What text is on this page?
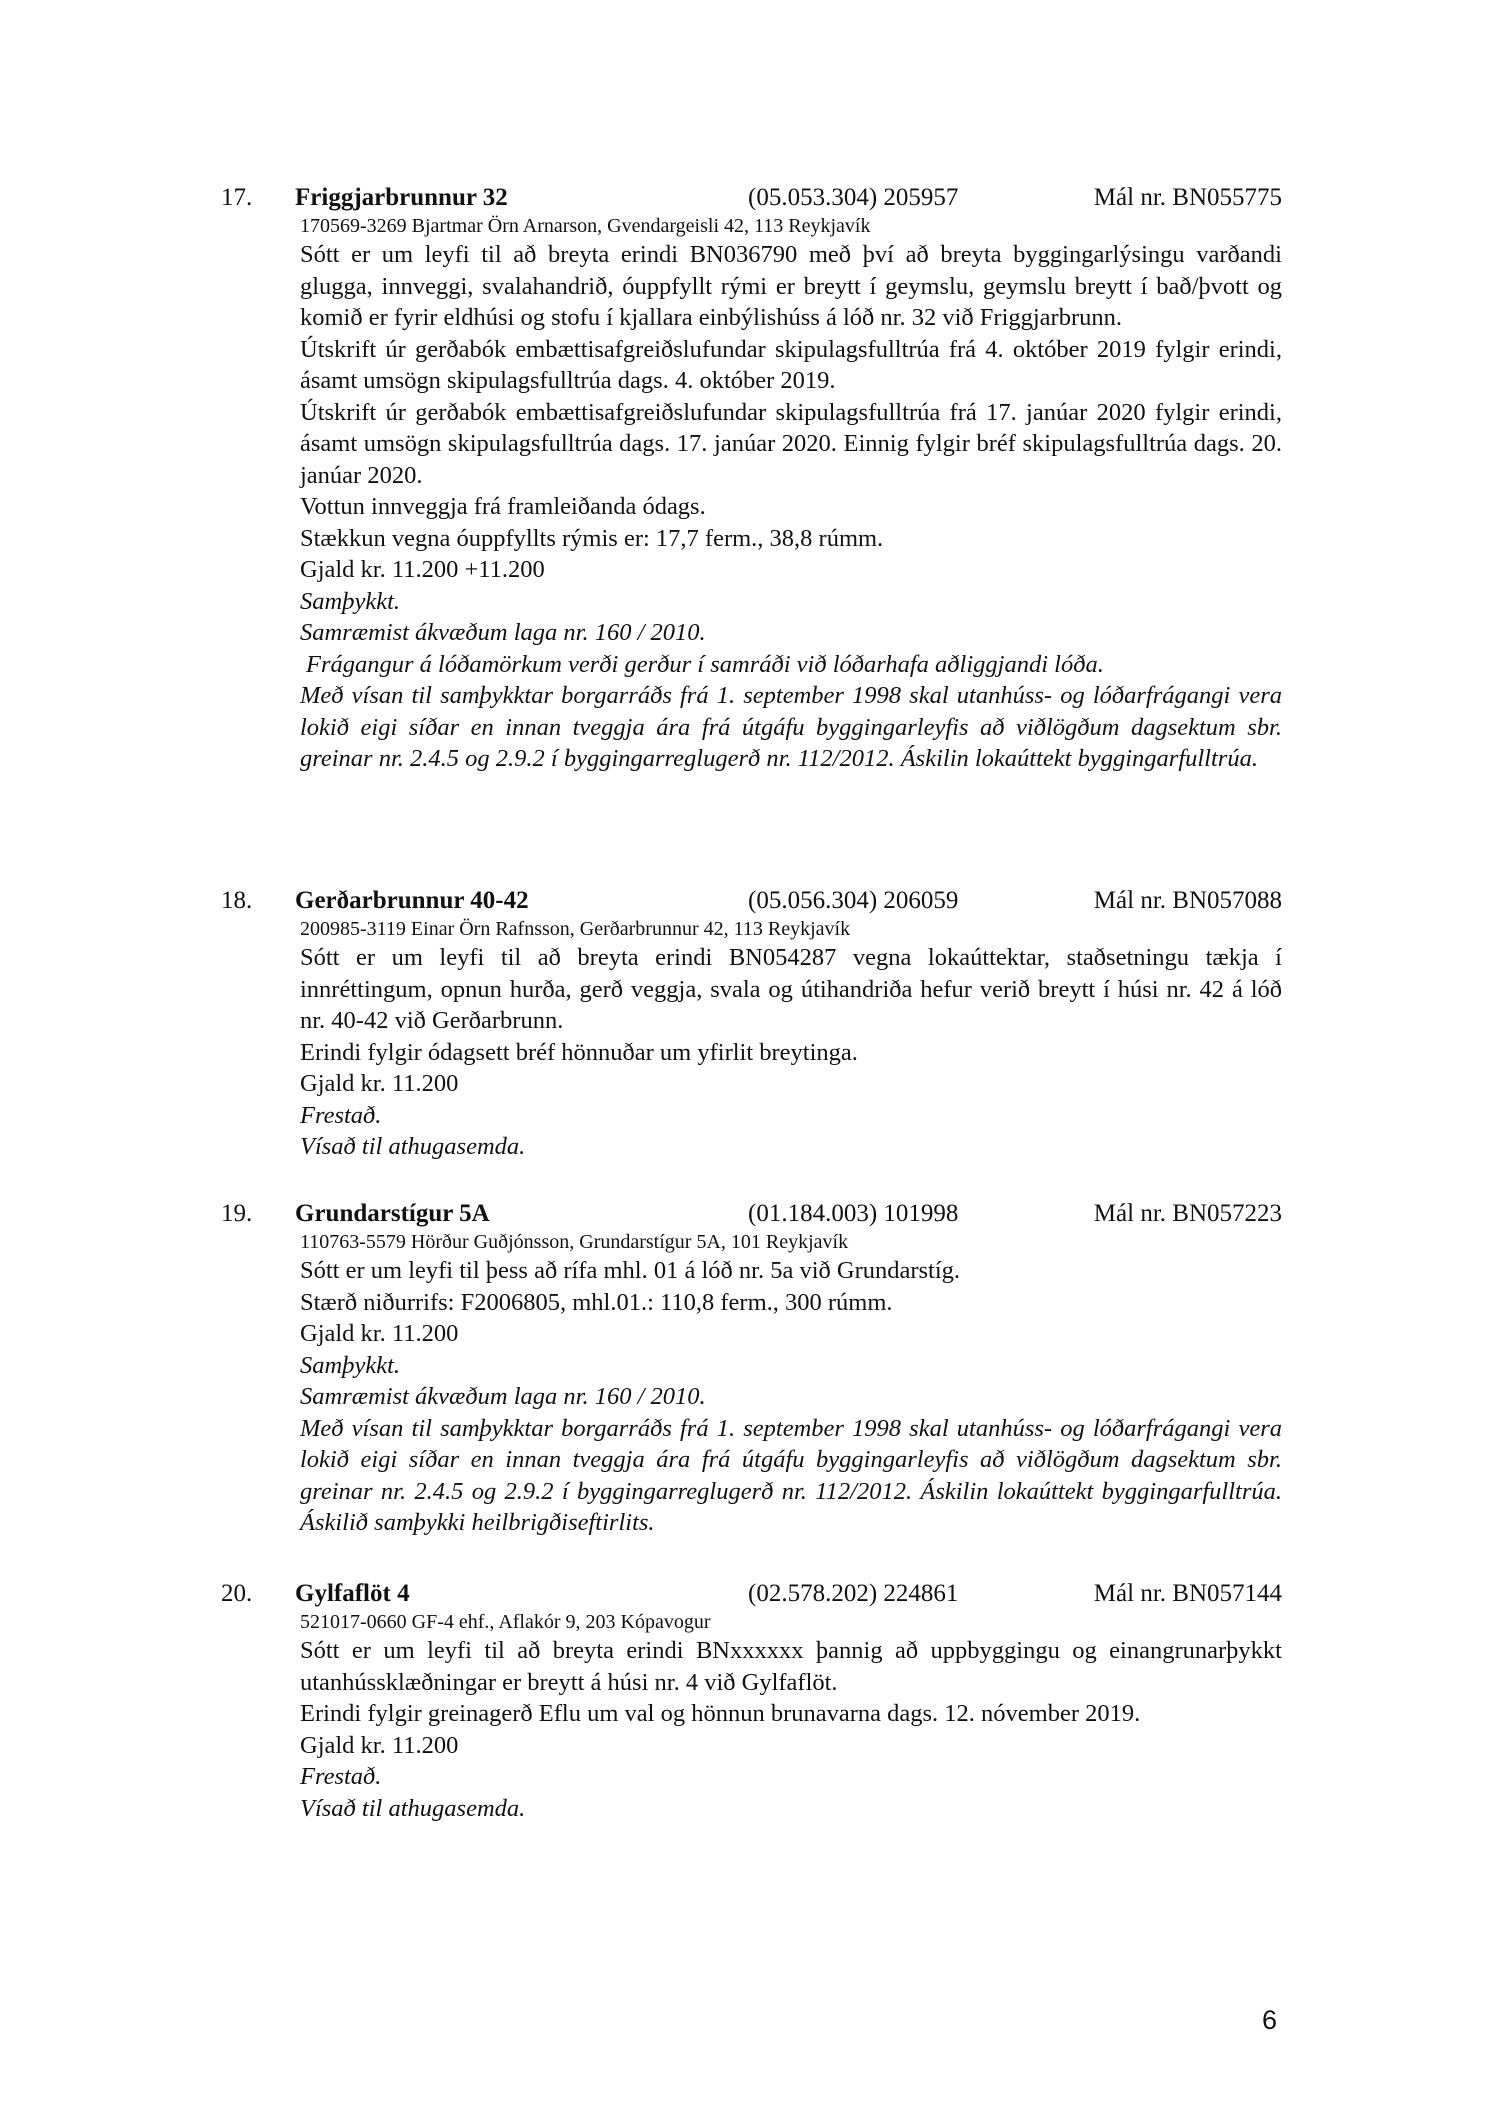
17. Friggjarbrunnur 32	(05.053.304) 205957	Mál nr. BN055775

170569-3269 Bjartmar Örn Arnarson, Gvendargeisli 42, 113 Reykjavík

Sótt er um leyfi til að breyta erindi BN036790 með því að breyta byggingarlýsingu varðandi glugga, innveggi, svalahandrið, óuppfyllt rými er breytt í geymslu, geymslu breytt í bað/þvott og komið er fyrir eldhúsi og stofu í kjallara einbýlishúss á lóð nr. 32 við Friggjarbrunn.

Útskrift úr gerðabók embættisafgreiðslufundar skipulagsfulltrúa frá 4. október 2019 fylgir erindi, ásamt umsögn skipulagsfulltrúa dags. 4. október 2019.

Útskrift úr gerðabók embættisafgreiðslufundar skipulagsfulltrúa frá 17. janúar 2020 fylgir erindi, ásamt umsögn skipulagsfulltrúa dags. 17. janúar 2020. Einnig fylgir bréf skipulagsfulltrúa dags. 20. janúar 2020.

Vottun innveggja frá framleiðanda ódags.

Stækkun vegna óuppfyllts rýmis er: 17,7 ferm., 38,8 rúmm.

Gjald kr. 11.200 +11.200

Samþykkt.

Samræmist ákvæðum laga nr. 160 / 2010.

Frágangur á lóðamörkum verði gerður í samráði við lóðarhafa aðliggjandi lóða.

Með vísan til samþykktar borgarráðs frá 1. september 1998 skal utanhúss- og lóðarfrágangi vera lokið eigi síðar en innan tveggja ára frá útgáfu byggingarleyfis að viðlögðum dagsektum sbr. greinar nr. 2.4.5 og 2.9.2 í byggingarreglugerð nr. 112/2012. Áskilin lokaúttekt byggingarfulltrúa.

18. Gerðarbrunnur 40-42	(05.056.304) 206059	Mál nr. BN057088

200985-3119 Einar Örn Rafnsson, Gerðarbrunnur 42, 113 Reykjavík

Sótt er um leyfi til að breyta erindi BN054287 vegna lokaúttektar, staðsetningu tækja í innréttingum, opnun hurða, gerð veggja, svala og útihandriða hefur verið breytt í húsi nr. 42 á lóð nr. 40-42 við Gerðarbrunn.

Erindi fylgir ódagsett bréf hönnuðar um yfirlit breytinga.

Gjald kr. 11.200

Frestað.

Vísað til athugasemda.

19. Grundarstígur 5A	(01.184.003) 101998	Mál nr. BN057223

110763-5579 Hörður Guðjónsson, Grundarstígur 5A, 101 Reykjavík

Sótt er um leyfi til þess að rífa mhl. 01 á lóð nr. 5a við Grundarstíg.

Stærð niðurrifs: F2006805, mhl.01.: 110,8 ferm., 300 rúmm.

Gjald kr. 11.200

Samþykkt.

Samræmist ákvæðum laga nr. 160 / 2010.

Með vísan til samþykktar borgarráðs frá 1. september 1998 skal utanhúss- og lóðarfrágangi vera lokið eigi síðar en innan tveggja ára frá útgáfu byggingarleyfis að viðlögðum dagsektum sbr. greinar nr. 2.4.5 og 2.9.2 í byggingarreglugerð nr. 112/2012. Áskilin lokaúttekt byggingarfulltrúa. Áskilið samþykki heilbrigðiseftirlits.

20. Gylfaflöt 4	(02.578.202) 224861	Mál nr. BN057144

521017-0660 GF-4 ehf., Aflakór 9, 203 Kópavogur

Sótt er um leyfi til að breyta erindi BNxxxxxx þannig að uppbyggingu og einangrunarþykkt utanhússklæðningar er breytt á húsi nr. 4 við Gylfaflöt.

Erindi fylgir greinagerð Eflu um val og hönnun brunavarna dags. 12. nóvember 2019.

Gjald kr. 11.200

Frestað.

Vísað til athugasemda.

6
